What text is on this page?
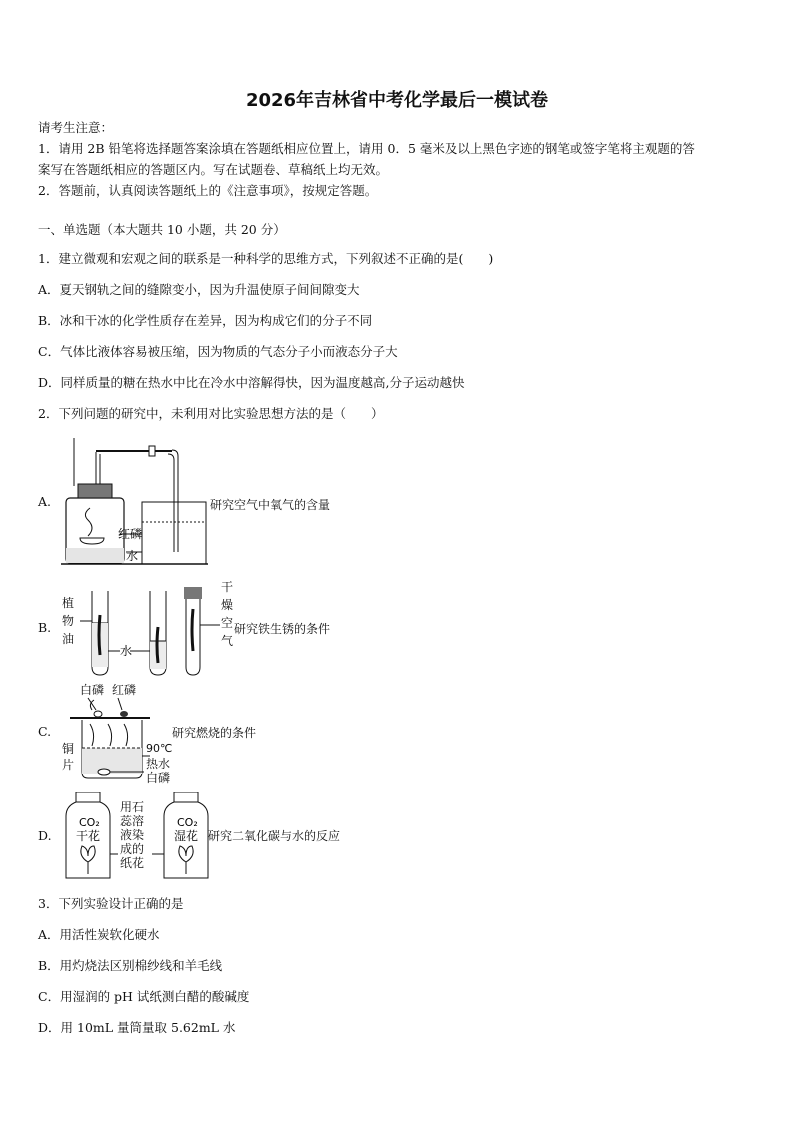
2026年吉林省中考化学最后一模试卷
请考生注意：
1．请用 2B 铅笔将选择题答案涂填在答题纸相应位置上，请用 0．5 毫米及以上黑色字迹的钢笔或签字笔将主观题的答
案写在答题纸相应的答题区内。写在试题卷、草稿纸上均无效。
2．答题前，认真阅读答题纸上的《注意事项》，按规定答题。
一、单选题（本大题共 10 小题，共 20 分）
1．建立微观和宏观之间的联系是一种科学的思维方式，下列叙述不正确的是(　　)
A．夏天钢轨之间的缝隙变小，因为升温使原子间间隙变大
B．冰和干冰的化学性质存在差异，因为构成它们的分子不同
C．气体比液体容易被压缩，因为物质的气态分子小而液态分子大
D．同样质量的糖在热水中比在冷水中溶解得快，因为温度越高,分子运动越快
2．下列问题的研究中，未利用对比实验思想方法的是（　　）
A.
红磷
水
研究空气中氧气的含量
B.
植
物
油
水
干
燥
空
气
研究铁生锈的条件
C.
白磷 红磷
铜
片
90℃
热水
白磷
研究燃烧的条件
D.
CO₂
干花
CO₂
湿花
用石
蕊溶
液染
成的
纸花
研究二氧化碳与水的反应
3．下列实验设计正确的是
A．用活性炭软化硬水
B．用灼烧法区别棉纱线和羊毛线
C．用湿润的 pH 试纸测白醋的酸碱度
D．用 10mL 量筒量取 5.62mL 水
